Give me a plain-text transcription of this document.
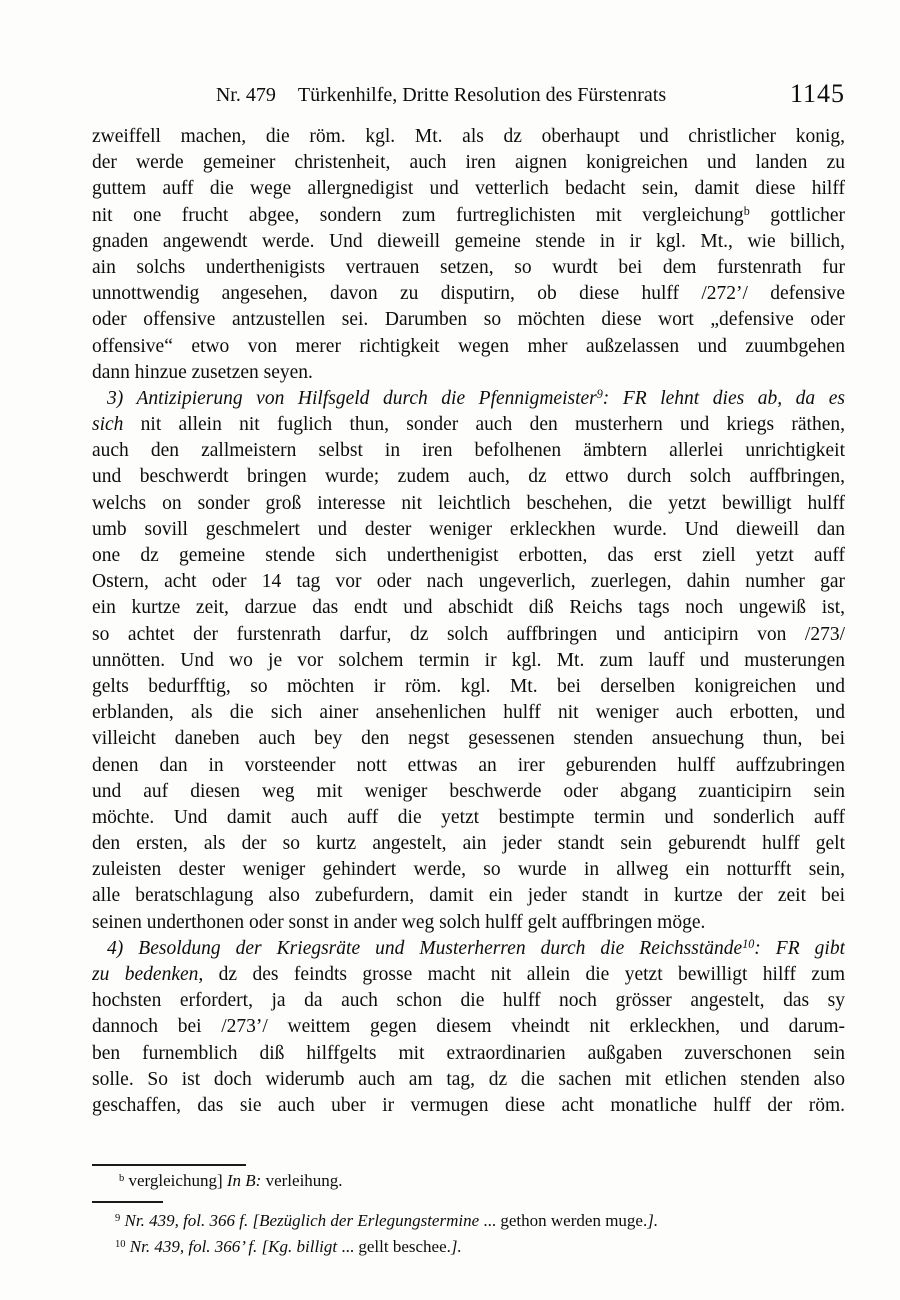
Nr. 479 Türkenhilfe, Dritte Resolution des Fürstenrats	1145
zweiffell machen, die röm. kgl. Mt. als dz oberhaupt und christlicher konig,
der werde gemeiner christenheit, auch iren aignen konigreichen und landen zu
guttem auff die wege allergnedigist und vetterlich bedacht sein, damit diese hilff
nit one frucht abgee, sondern zum furtreglichisten mit vergleichung$^b$ gottlicher
gnaden angewendt werde. Und dieweill gemeine stende in ir kgl. Mt., wie billich,
ain solchs underthenigists vertrauen setzen, so wurdt bei dem furstenrath fur
unnottwendig angesehen, davon zu disputirn, ob diese hulff /272’/ defensive
oder offensive antzustellen sei. Darumben so möchten diese wort „defensive oder
offensive“ etwo von merer richtigkeit wegen mher außzelassen und zuumbgehen
dann hinzue zusetzen seyen.
3) Antizipierung von Hilfsgeld durch die Pfennigmeister$^9$: FR lehnt dies ab, da es
sich nit allein nit fuglich thun, sonder auch den musterhern und kriegs räthen,
auch den zallmeistern selbst in iren befolhenen ämbtern allerlei unrichtigkeit
und beschwerdt bringen wurde; zudem auch, dz ettwo durch solch auffbringen,
welchs on sonder groß interesse nit leichtlich beschehen, die yetzt bewilligt hulff
umb sovill geschmelert und dester weniger erkleckhen wurde. Und dieweill dan
one dz gemeine stende sich underthenigist erbotten, das erst ziell yetzt auff
Ostern, acht oder 14 tag vor oder nach ungeverlich, zuerlegen, dahin numher gar
ein kurtze zeit, darzue das endt und abschidt diß Reichs tags noch ungewiß ist,
so achtet der furstenrath darfur, dz solch auffbringen und anticipirn von /273/
unnötten. Und wo je vor solchem termin ir kgl. Mt. zum lauff und musterungen
gelts bedurfftig, so möchten ir röm. kgl. Mt. bei derselben konigreichen und
erblanden, als die sich ainer ansehenlichen hulff nit weniger auch erbotten, und
villeicht daneben auch bey den negst gesessenen stenden ansuechung thun, bei
denen dan in vorsteender nott ettwas an irer geburenden hulff auffzubringen
und auf diesen weg mit weniger beschwerde oder abgang zuanticipirn sein
möchte. Und damit auch auff die yetzt bestimpte termin und sonderlich auff
den ersten, als der so kurtz angestelt, ain jeder standt sein geburendt hulff gelt
zuleisten dester weniger gehindert werde, so wurde in allweg ein notturfft sein,
alle beratschlagung also zubefurdern, damit ein jeder standt in kurtze der zeit bei
seinen underthonen oder sonst in ander weg solch hulff gelt auffbringen möge.
4) Besoldung der Kriegsräte und Musterherren durch die Reichsstände$^{10}$: FR gibt
zu bedenken, dz des feindts grosse macht nit allein die yetzt bewilligt hilff zum
hochsten erfordert, ja da auch schon die hulff noch grösser angestelt, das sy
dannoch bei /273’/ weittem gegen diesem vheindt nit erkleckhen, und darum-
ben furnemblich diß hilffgelts mit extraordinarien außgaben zuverschonen sein
solle. So ist doch widerumb auch am tag, dz die sachen mit etlichen stenden also
geschaffen, das sie auch uber ir vermugen diese acht monatliche hulff der röm.
$^b$ vergleichung] In B: verleihung.
$^9$ Nr. 439, fol. 366 f. [Bezüglich der Erlegungstermine ... gethon werden muge.].
$^{10}$ Nr. 439, fol. 366’ f. [Kg. billigt ... gellt beschee.].
